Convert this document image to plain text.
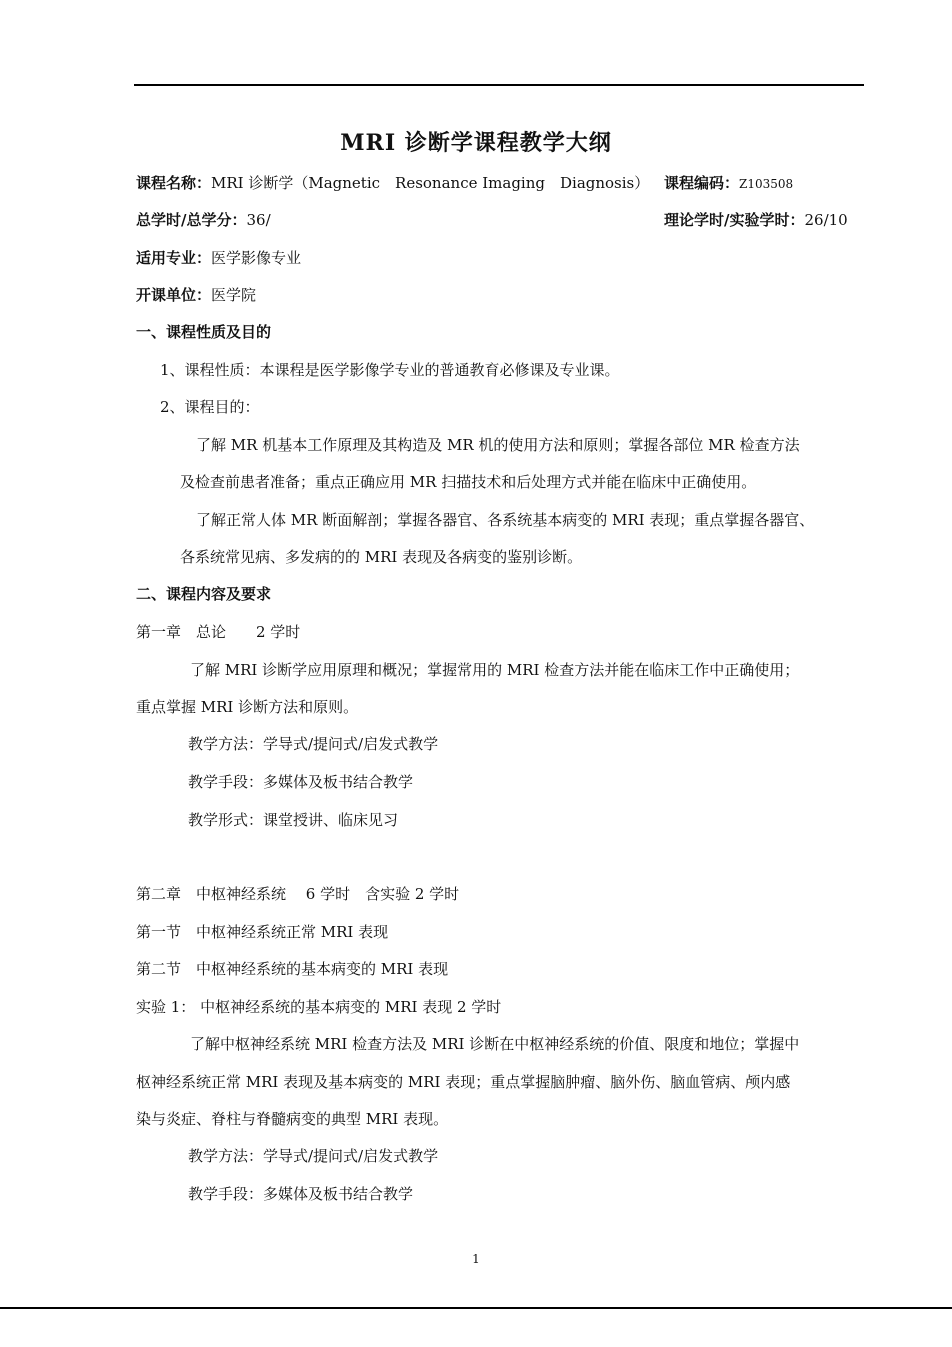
MRI 诊断学课程教学大纲
课程名称：MRI 诊断学（Magnetic　Resonance Imaging　Diagnosis） 课程编码：Z103508
总学时/总学分：36/	理论学时/实验学时：26/10
适用专业：医学影像专业
开课单位：医学院
一、课程性质及目的
1、课程性质：本课程是医学影像学专业的普通教育必修课及专业课。
2、课程目的：
了解 MR 机基本工作原理及其构造及 MR 机的使用方法和原则；掌握各部位 MR 检查方法
及检查前患者准备；重点正确应用 MR 扫描技术和后处理方式并能在临床中正确使用。
了解正常人体 MR 断面解剖；掌握各器官、各系统基本病变的 MRI 表现；重点掌握各器官、
各系统常见病、多发病的的 MRI 表现及各病变的鉴别诊断。
二、课程内容及要求
第一章　总论　　2 学时
了解 MRI 诊断学应用原理和概况；掌握常用的 MRI 检查方法并能在临床工作中正确使用；
重点掌握 MRI 诊断方法和原则。
教学方法：学导式/提问式/启发式教学
教学手段：多媒体及板书结合教学
教学形式：课堂授讲、临床见习
第二章　中枢神经系统　 6 学时　含实验 2 学时
第一节　中枢神经系统正常 MRI 表现
第二节　中枢神经系统的基本病变的 MRI 表现
实验 1： 中枢神经系统的基本病变的 MRI 表现 2 学时
了解中枢神经系统 MRI 检查方法及 MRI 诊断在中枢神经系统的价值、限度和地位；掌握中
枢神经系统正常 MRI 表现及基本病变的 MRI 表现；重点掌握脑肿瘤、脑外伤、脑血管病、颅内感
染与炎症、脊柱与脊髓病变的典型 MRI 表现。
教学方法：学导式/提问式/启发式教学
教学手段：多媒体及板书结合教学
1
